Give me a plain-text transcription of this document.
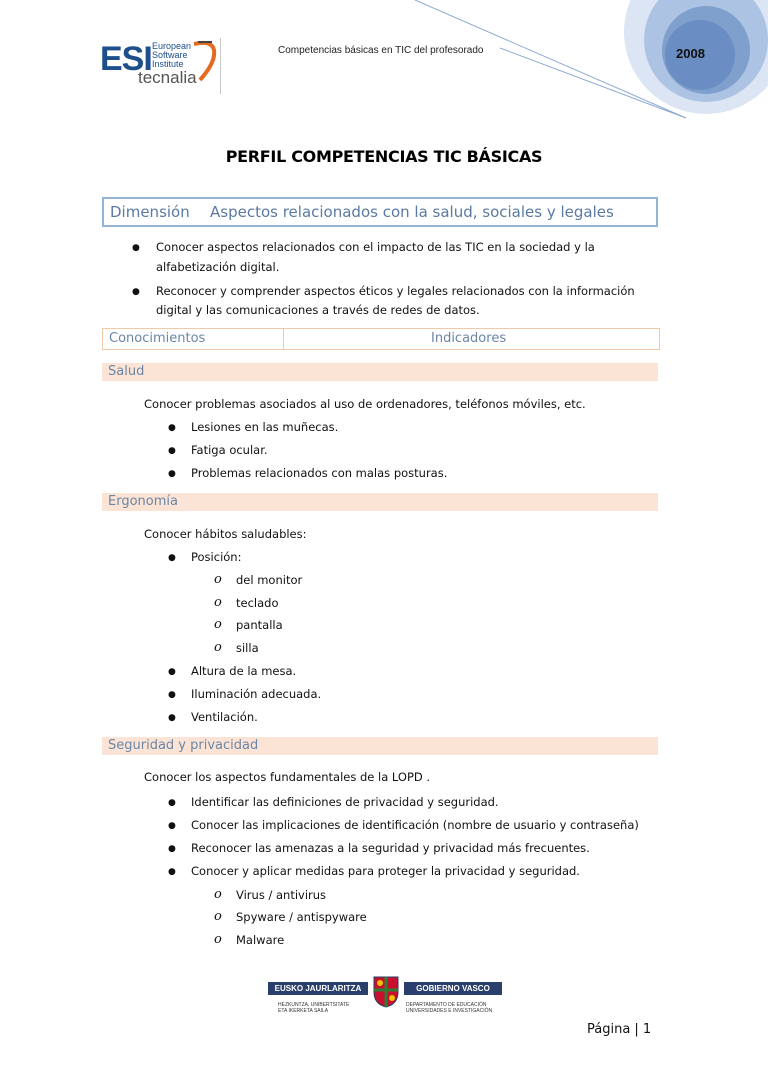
ESI European
Software
Institute
tecnalia
Competencias básicas en TIC del profesorado	2008
PERFIL COMPETENCIAS TIC BÁSICAS
Dimensión Aspectos relacionados con la salud, sociales y legales
● Conocer aspectos relacionados con el impacto de las TIC en la sociedad y la
alfabetización digital.
● Reconocer y comprender aspectos éticos y legales relacionados con la información
digital y las comunicaciones a través de redes de datos.
Conocimientos	Indicadores
Salud
Conocer problemas asociados al uso de ordenadores, teléfonos móviles, etc.
● Lesiones en las muñecas.
● Fatiga ocular.
● Problemas relacionados con malas posturas.
Ergonomía
Conocer hábitos saludables:
● Posición:
o del monitor
o teclado
o pantalla
o silla
● Altura de la mesa.
● Iluminación adecuada.
● Ventilación.
Seguridad y privacidad
Conocer los aspectos fundamentales de la LOPD .
● Identificar las definiciones de privacidad y seguridad.
● Conocer las implicaciones de identificación (nombre de usuario y contraseña)
● Reconocer las amenazas a la seguridad y privacidad más frecuentes.
● Conocer y aplicar medidas para proteger la privacidad y seguridad.
o Virus / antivirus
o Spyware / antispyware
o Malware
EUSKO JAURLARITZA	GOBIERNO VASCO
HEZKUNTZA, UNIBERTSITATE
ETA IKERKETA SAILA
DEPARTAMENTO DE EDUCACIÓN
UNIVERSIDADES E INVESTIGACIÓN
Página | 1
